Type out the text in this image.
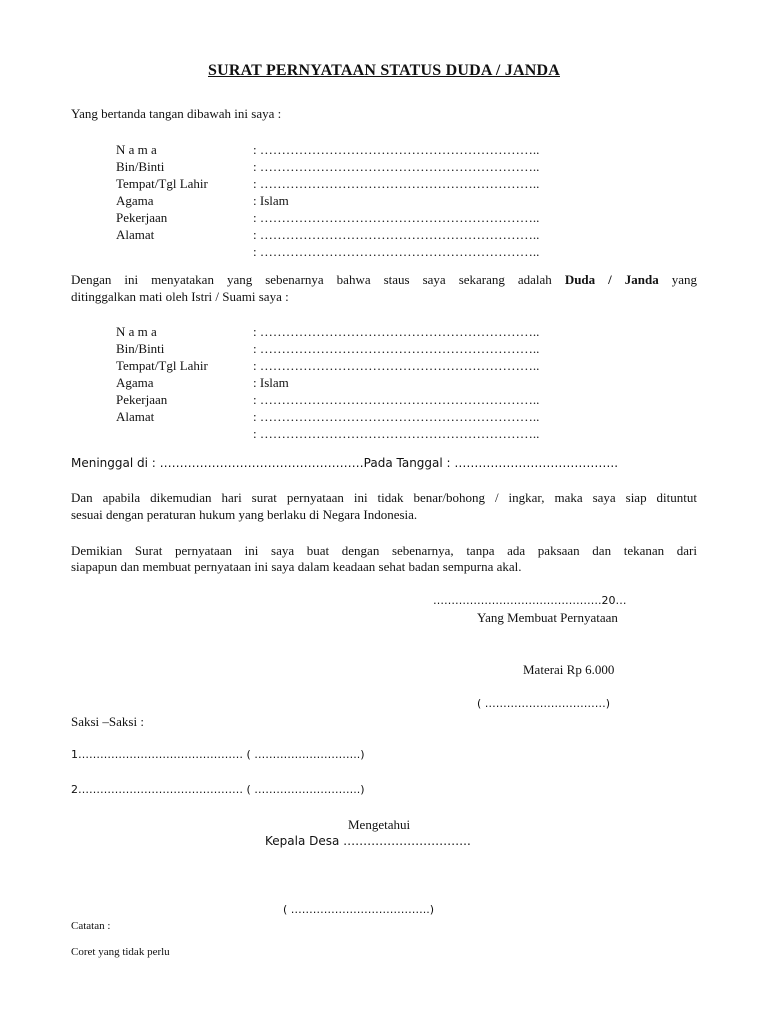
SURAT PERNYATAAN STATUS DUDA / JANDA
Yang bertanda tangan dibawah ini saya :
N a m a	: ………………………………………………………..
Bin/Binti	: ………………………………………………………..
Tempat/Tgl Lahir	: ………………………………………………………..
Agama	: Islam
Pekerjaan	: ………………………………………………………..
Alamat	: ………………………………………………………..
: ………………………………………………………..
Dengan ini menyatakan yang sebenarnya bahwa staus saya sekarang adalah Duda / Janda yang
ditinggalkan mati oleh Istri / Suami saya :
N a m a	: ………………………………………………………..
Bin/Binti	: ………………………………………………………..
Tempat/Tgl Lahir	: ………………………………………………………..
Agama	: Islam
Pekerjaan	: ………………………………………………………..
Alamat	: ………………………………………………………..
: ………………………………………………………..
Meninggal di : ……………………………………………Pada Tanggal : …………………………………..
Dan apabila dikemudian hari surat pernyataan ini tidak benar/bohong / ingkar, maka saya siap dituntut
sesuai dengan peraturan hukum yang berlaku di Negara Indonesia.
Demikian Surat pernyataan ini saya buat dengan sebenarnya, tanpa ada paksaan dan tekanan dari
siapapun dan membuat pernyataan ini saya dalam keadaan sehat badan sempurna akal.
……………………………………….20…
Yang Membuat Pernyataan
Materai Rp 6.000
( ……………………………)
Saksi –Saksi :
1……………………………………… ( ………………………..)
2……………………………………… ( ………………………..)
Mengetahui
Kepala Desa …………………………..
( ………………………………..)
Catatan :
Coret yang tidak perlu
